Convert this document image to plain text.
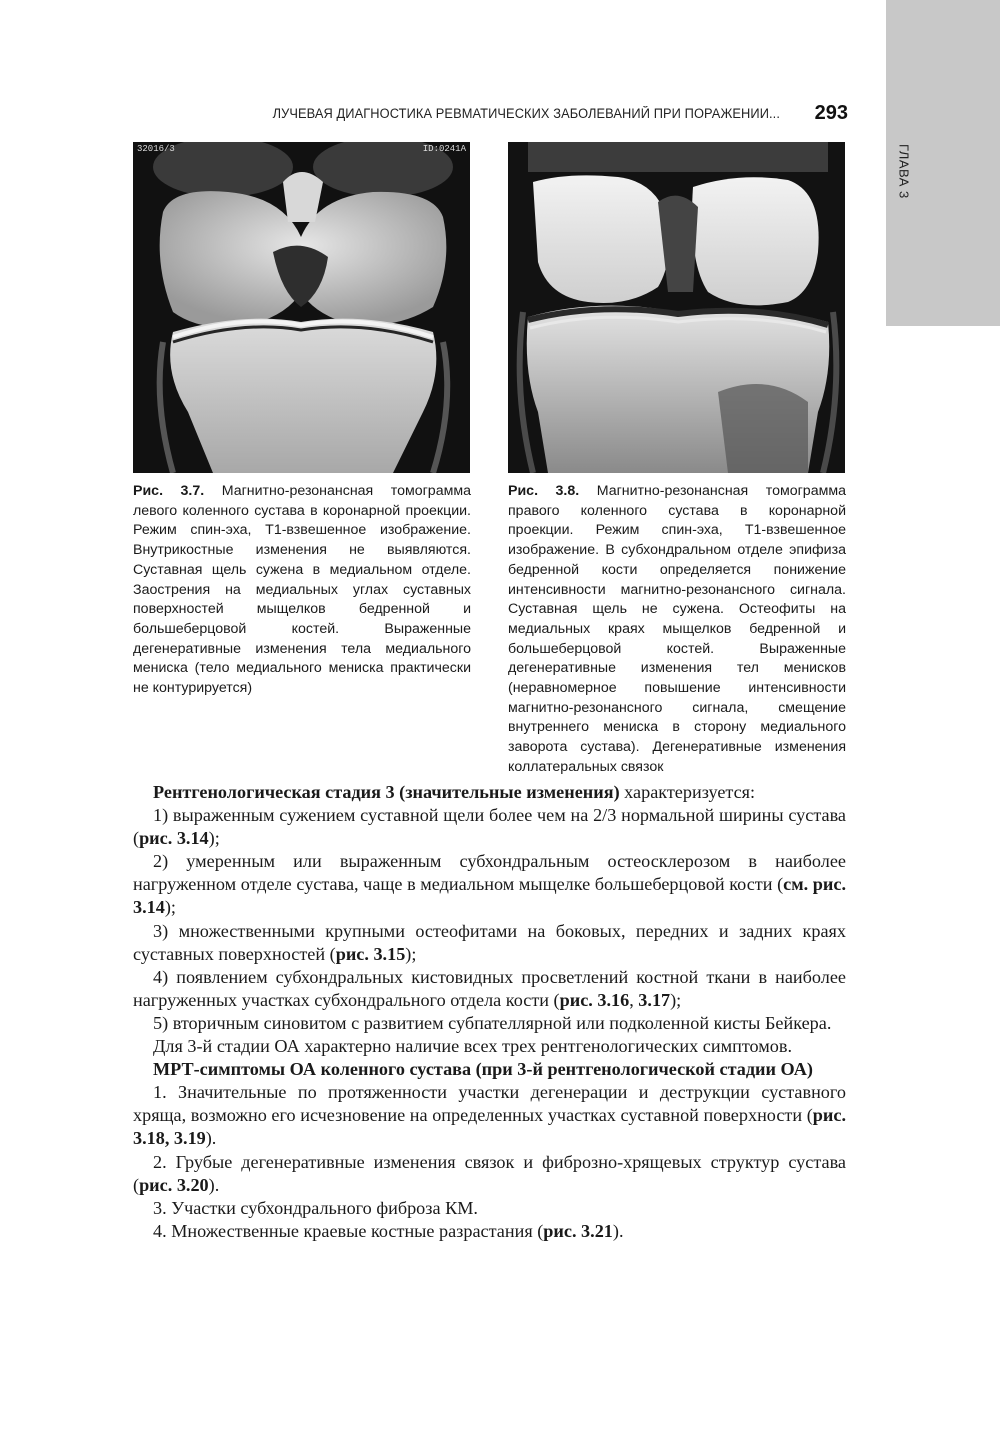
ГЛАВА 3
ЛУЧЕВАЯ ДИАГНОСТИКА РЕВМАТИЧЕСКИХ ЗАБОЛЕВАНИЙ ПРИ ПОРАЖЕНИИ...	293
32016/3	ID:0241A
Рис. 3.7. Магнитно-резонансная томограмма левого коленного сустава в коронарной проекции. Режим спин-эха, Т1-взвешенное изображение. Внутрикостные изменения не выявляются. Суставная щель сужена в медиальном отделе. Заострения на медиальных углах суставных поверхностей мыщелков бедренной и большеберцовой костей. Выраженные дегенеративные изменения тела медиального мениска (тело медиального мениска практически не контурируется)
Рис. 3.8. Магнитно-резонансная томограмма правого коленного сустава в коронарной проекции. Режим спин-эха, Т1-взвешенное изображение. В субхондральном отделе эпифиза бедренной кости определяется понижение интенсивности магнитно-резонансного сигнала. Суставная щель не сужена. Остеофиты на медиальных краях мыщелков бедренной и большеберцовой костей. Выраженные дегенеративные изменения тел менисков (неравномерное повышение интенсивности магнитно-резонансного сигнала, смещение внутреннего мениска в сторону медиального заворота сустава). Дегенеративные изменения коллатеральных связок

Рентгенологическая стадия 3 (значительные изменения) характеризуется:

1) выраженным сужением суставной щели более чем на 2/3 нормальной ширины сустава (рис. 3.14);

2) умеренным или выраженным субхондральным остеосклерозом в наиболее нагруженном отделе сустава, чаще в медиальном мыщелке большеберцовой кости (см. рис. 3.14);

3) множественными крупными остеофитами на боковых, передних и задних краях суставных поверхностей (рис. 3.15);

4) появлением субхондральных кистовидных просветлений костной ткани в наиболее нагруженных участках субхондрального отдела кости (рис. 3.16, 3.17);

5) вторичным синовитом с развитием субпателлярной или подколенной кисты Бейкера.

Для 3-й стадии ОА характерно наличие всех трех рентгенологических симптомов.

МРТ-симптомы ОА коленного сустава (при 3-й рентгенологической стадии ОА)

1. Значительные по протяженности участки дегенерации и деструкции суставного хряща, возможно его исчезновение на определенных участках суставной поверхности (рис. 3.18, 3.19).

2. Грубые дегенеративные изменения связок и фиброзно-хрящевых структур сустава (рис. 3.20).

3. Участки субхондрального фиброза КМ.

4. Множественные краевые костные разрастания (рис. 3.21).
